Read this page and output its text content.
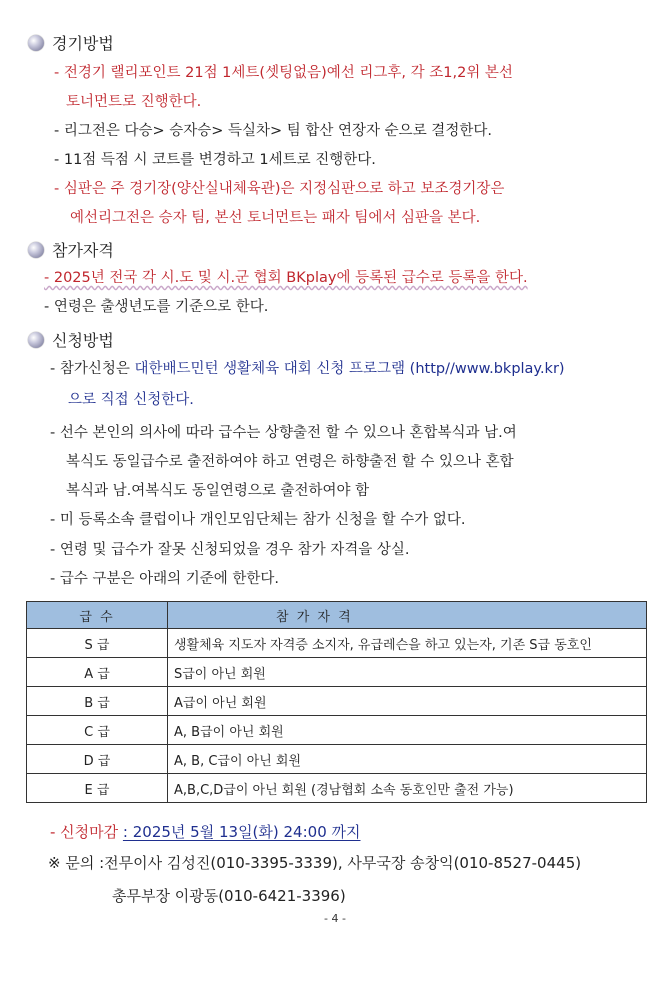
경기방법
- 전경기 랠리포인트 21점 1세트(셋팅없음)예선 리그후, 각 조1,2위 본선
토너먼트로 진행한다.
- 리그전은 다승> 승자승> 득실차> 팀 합산 연장자 순으로 결정한다.
- 11점 득점 시 코트를 변경하고 1세트로 진행한다.
- 심판은 주 경기장(양산실내체육관)은 지정심판으로 하고 보조경기장은
예선리그전은 승자 팀, 본선 토너먼트는 패자 팀에서 심판을 본다.
참가자격
- 2025년 전국 각 시.도 및 시.군 협회 BKplay에 등록된 급수로 등록을 한다.
- 연령은 출생년도를 기준으로 한다.
신청방법
- 참가신청은 대한배드민턴 생활체육 대회 신청 프로그램 (http//www.bkplay.kr)
으로 직접 신청한다.
- 선수 본인의 의사에 따라 급수는 상향출전 할 수 있으나 혼합복식과 남.여
복식도 동일급수로 출전하여야 하고 연령은 하향출전 할 수 있으나 혼합
복식과 남.여복식도 동일연령으로 출전하여야 함
- 미 등록소속 클럽이나 개인모임단체는 참가 신청을 할 수가 없다.
- 연령 및 급수가 잘못 신청되었을 경우 참가 자격을 상실.
- 급수 구분은 아래의 기준에 한한다.
급 수	참 가 자 격
S 급	생활체육 지도자 자격증 소지자, 유급레슨을 하고 있는자, 기존 S급 동호인
A 급	S급이 아닌 회원
B 급	A급이 아닌 회원
C 급	A, B급이 아닌 회원
D 급	A, B, C급이 아닌 회원
E 급	A,B,C,D급이 아닌 회원 (경남협회 소속 동호인만 출전 가능)
- 신청마감 : 2025년 5월 13일(화) 24:00 까지
※ 문의 :전무이사 김성진(010-3395-3339), 사무국장 송창익(010-8527-0445)
총무부장 이광동(010-6421-3396)
- 4 -
